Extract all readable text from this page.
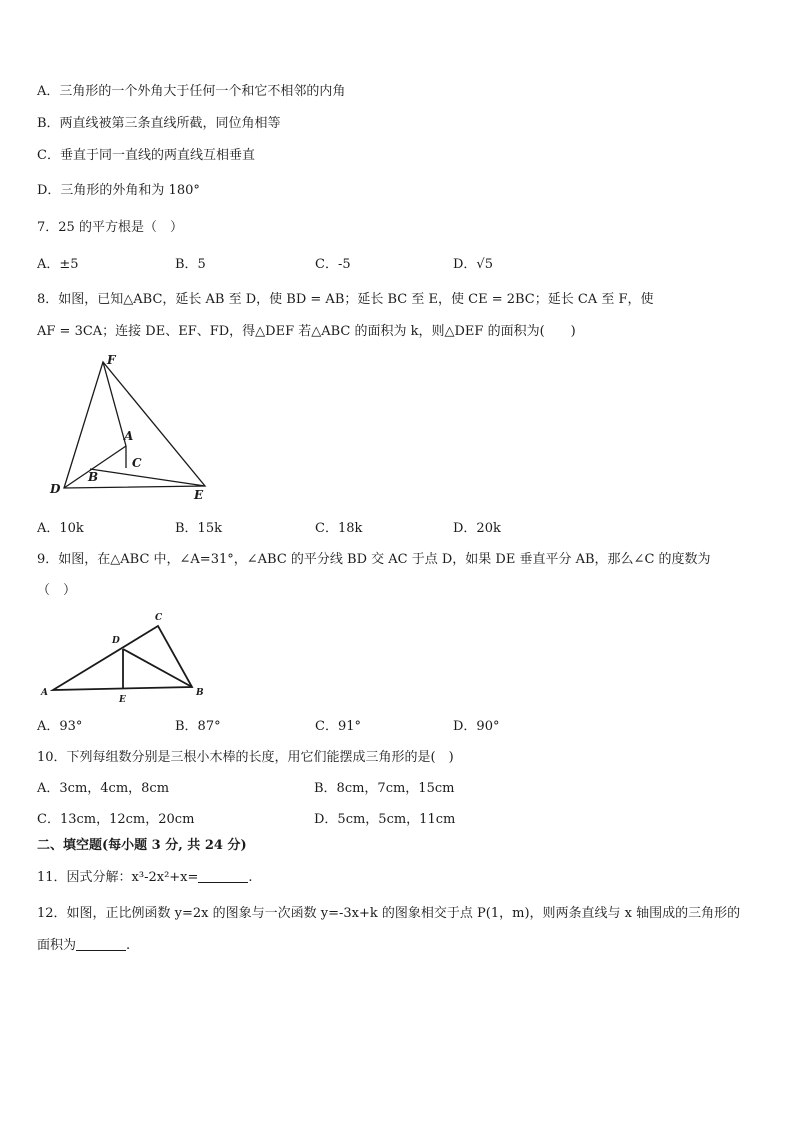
A．三角形的一个外角大于任何一个和它不相邻的内角
B．两直线被第三条直线所截，同位角相等
C．垂直于同一直线的两直线互相垂直
D．三角形的外角和为 180°
7．25 的平方根是（　）
A．±5	B．5	C．-5	D．√5
8．如图，已知△ABC，延长 AB 至 D，使 BD = AB；延长 BC 至 E，使 CE = 2BC；延长 CA 至 F，使
AF = 3CA；连接 DE、EF、FD，得△DEF 若△ABC 的面积为 k，则△DEF 的面积为(　　)
F
A
C
B
D	E
A．10k	B．15k	C．18k	D．20k
9．如图，在△ABC 中，∠A=31°，∠ABC 的平分线 BD 交 AC 于点 D，如果 DE 垂直平分 AB，那么∠C 的度数为
（　）
C
D
A
E
B
A．93°	B．87°	C．91°	D．90°
10．下列每组数分别是三根小木棒的长度，用它们能摆成三角形的是(　)
A．3cm，4cm，8cm	B．8cm，7cm，15cm
C．13cm，12cm，20cm	D．5cm，5cm，11cm
二、填空题(每小题 3 分, 共 24 分)
11．因式分解：x³-2x²+x=	.
12．如图，正比例函数 y=2x 的图象与一次函数 y=-3x+k 的图象相交于点 P(1，m)，则两条直线与 x 轴围成的三角形的
面积为	.
